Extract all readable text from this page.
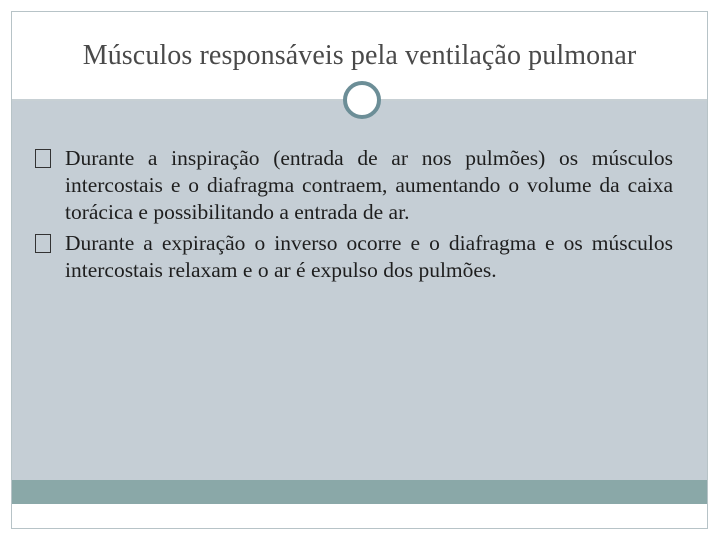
Músculos responsáveis pela ventilação pulmonar
Durante a inspiração (entrada de ar nos pulmões) os músculos intercostais e o diafragma contraem, aumentando o volume da caixa torácica e possibilitando a entrada de ar.
Durante a expiração o inverso ocorre e o diafragma e os músculos intercostais relaxam e o ar é expulso dos pulmões.
